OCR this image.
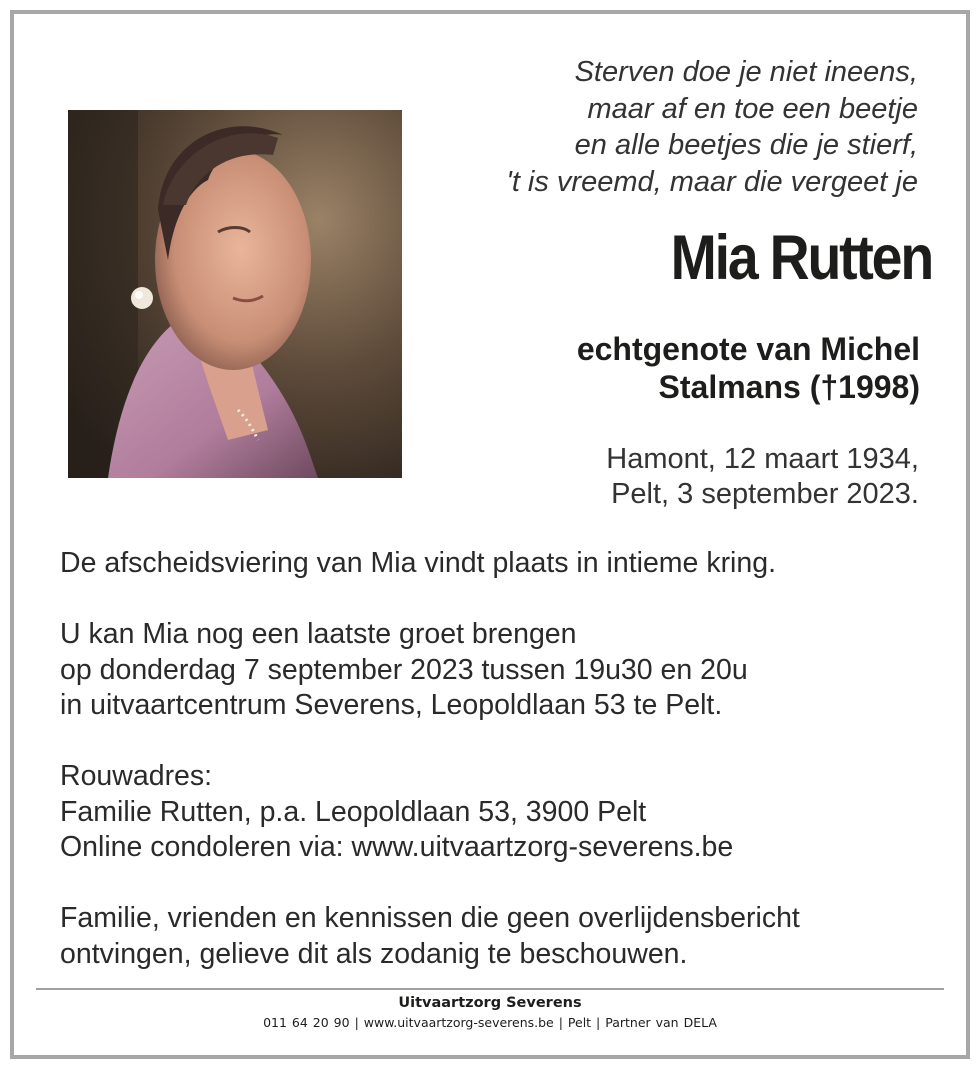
Sterven doe je niet ineens,
maar af en toe een beetje
en alle beetjes die je stierf,
't is vreemd, maar die vergeet je
Mia Rutten
echtgenote van Michel
Stalmans (†1998)
Hamont, 12 maart 1934,
Pelt, 3 september 2023.

De afscheidsviering van Mia vindt plaats in intieme kring.

U kan Mia nog een laatste groet brengen

op donderdag 7 september 2023 tussen 19u30 en 20u

in uitvaartcentrum Severens, Leopoldlaan 53 te Pelt.

Rouwadres:

Familie Rutten, p.a. Leopoldlaan 53, 3900 Pelt

Online condoleren via: www.uitvaartzorg-severens.be

Familie, vrienden en kennissen die geen overlijdensbericht

ontvingen, gelieve dit als zodanig te beschouwen.

Uitvaartzorg Severens
011 64 20 90 | www.uitvaartzorg-severens.be | Pelt | Partner van DELA
